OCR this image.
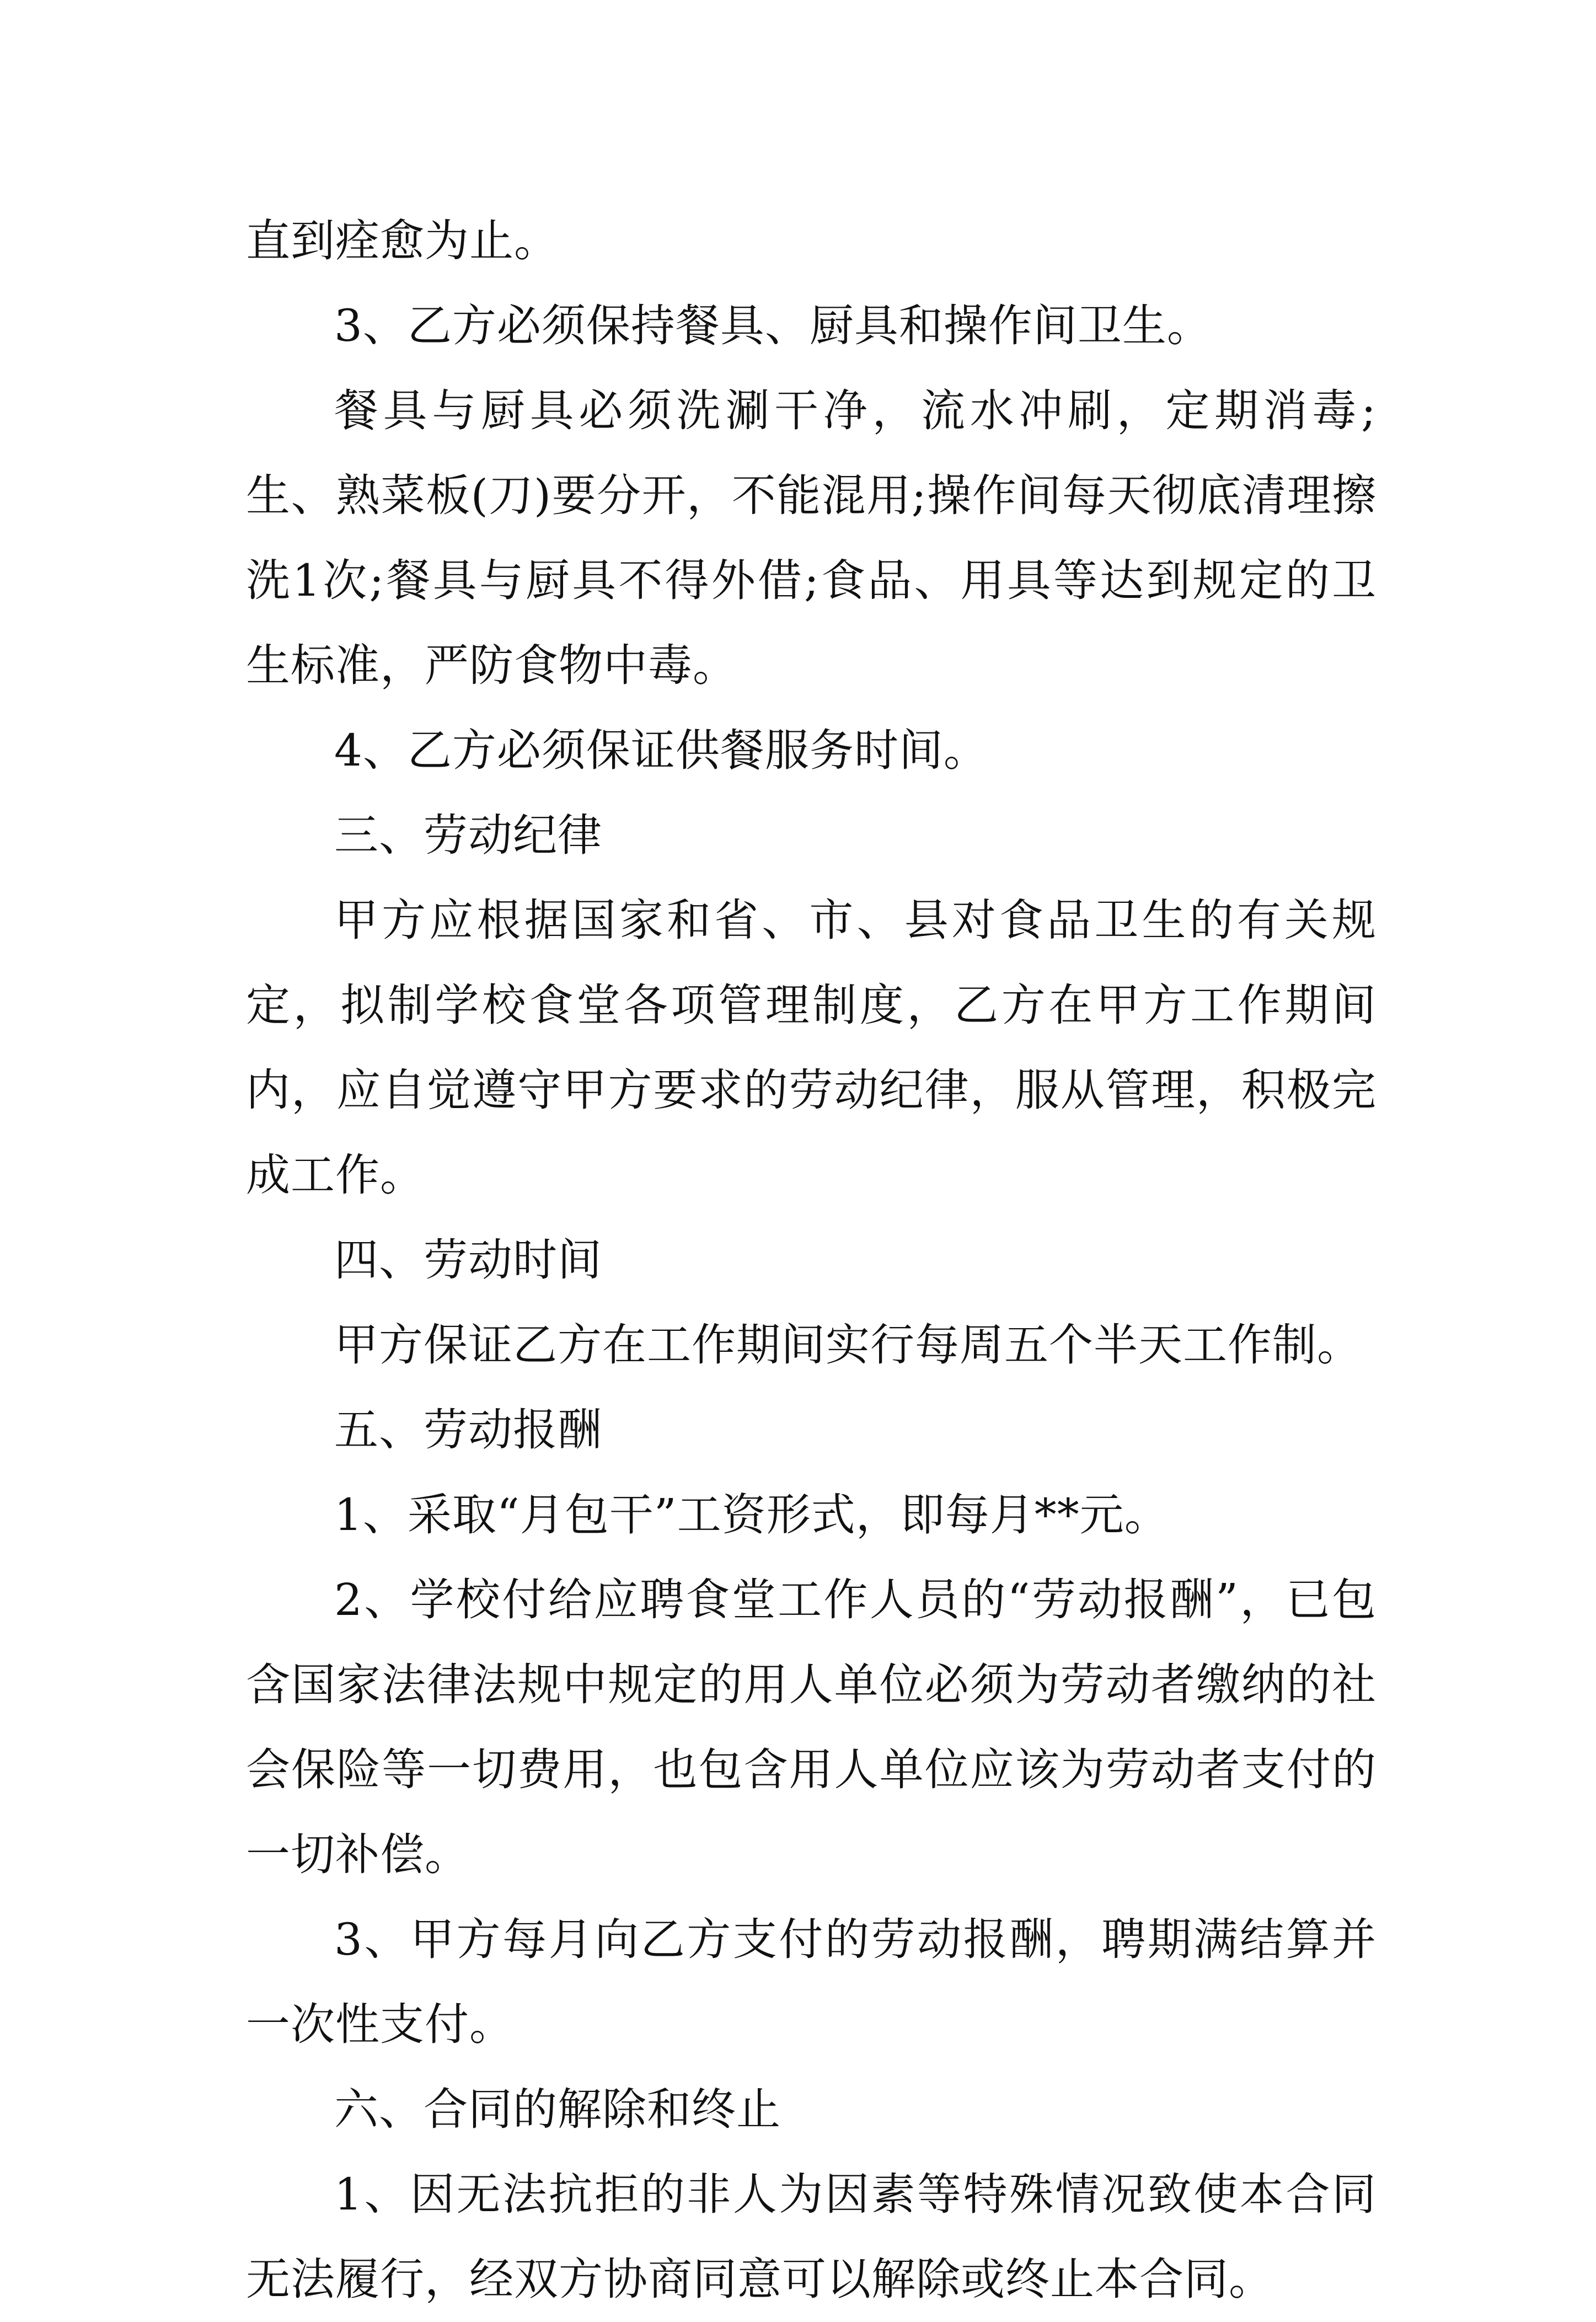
直到痊愈为止。

3、乙方必须保持餐具、厨具和操作间卫生。

餐具与厨具必须洗涮干净，流水冲刷，定期消毒;生、熟菜板(刀)要分开，不能混用;操作间每天彻底清理擦洗1次;餐具与厨具不得外借;食品、用具等达到规定的卫生标准，严防食物中毒。

4、乙方必须保证供餐服务时间。

三、劳动纪律

甲方应根据国家和省、市、县对食品卫生的有关规定，拟制学校食堂各项管理制度，乙方在甲方工作期间内，应自觉遵守甲方要求的劳动纪律，服从管理，积极完成工作。

四、劳动时间

甲方保证乙方在工作期间实行每周五个半天工作制。

五、劳动报酬

1、采取“月包干”工资形式，即每月**元。

2、学校付给应聘食堂工作人员的“劳动报酬”，已包含国家法律法规中规定的用人单位必须为劳动者缴纳的社会保险等一切费用，也包含用人单位应该为劳动者支付的一切补偿。

3、甲方每月向乙方支付的劳动报酬，聘期满结算并一次性支付。

六、合同的解除和终止

1、因无法抗拒的非人为因素等特殊情况致使本合同无法履行，经双方协商同意可以解除或终止本合同。
